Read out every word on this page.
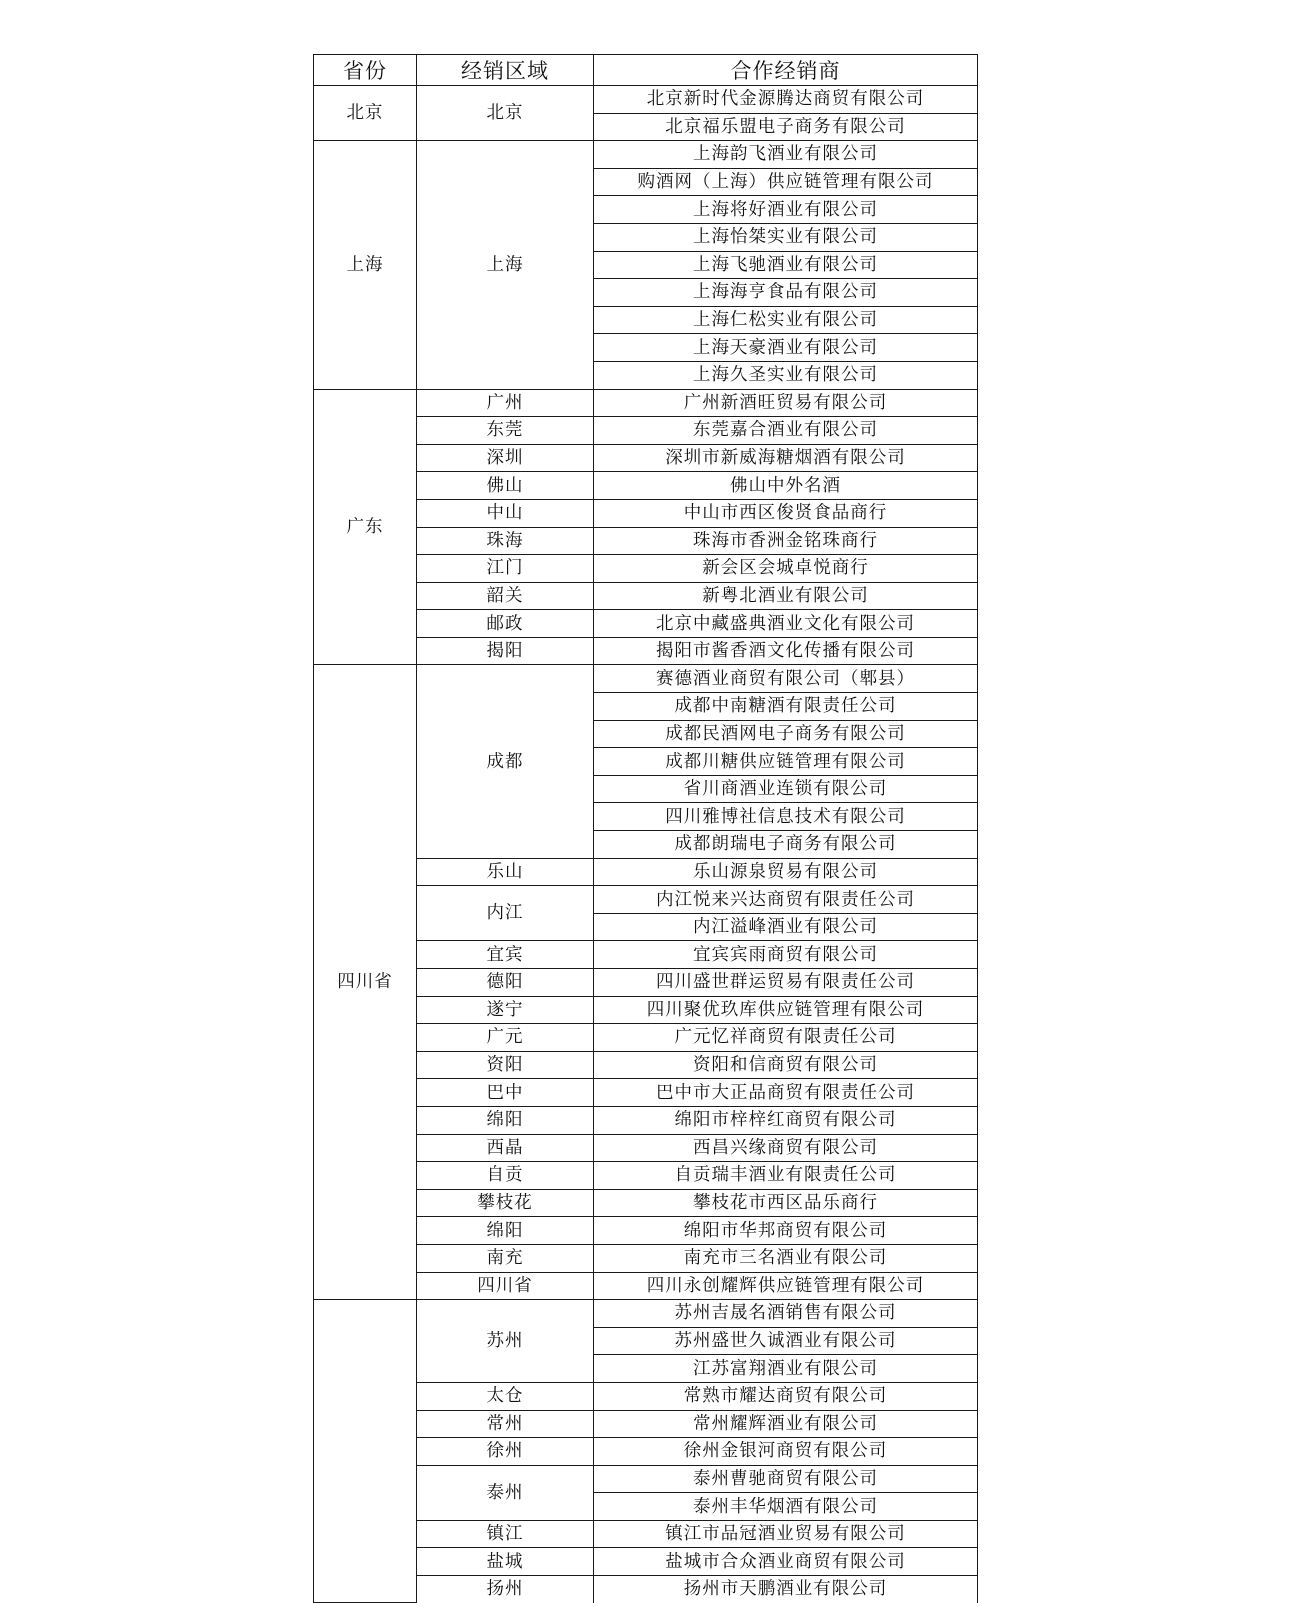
省份	经销区域	合作经销商
北京	北京	北京新时代金源腾达商贸有限公司
		北京福乐盟电子商务有限公司
上海	上海	上海韵飞酒业有限公司
		购酒网（上海）供应链管理有限公司
		上海将好酒业有限公司
		上海怡桀实业有限公司
		上海飞驰酒业有限公司
		上海海亨食品有限公司
		上海仁松实业有限公司
		上海天豪酒业有限公司
		上海久圣实业有限公司
广东	广州	广州新酒旺贸易有限公司
	东莞	东莞嘉合酒业有限公司
	深圳	深圳市新威海糖烟酒有限公司
	佛山	佛山中外名酒
	中山	中山市西区俊贤食品商行
	珠海	珠海市香洲金铭珠商行
	江门	新会区会城卓悦商行
	韶关	新粤北酒业有限公司
	邮政	北京中藏盛典酒业文化有限公司
	揭阳	揭阳市酱香酒文化传播有限公司
四川省	成都	赛德酒业商贸有限公司（郫县）
		成都中南糖酒有限责任公司
		成都民酒网电子商务有限公司
		成都川糖供应链管理有限公司
		省川商酒业连锁有限公司
		四川雅博社信息技术有限公司
		成都朗瑞电子商务有限公司
	乐山	乐山源泉贸易有限公司
	内江	内江悦来兴达商贸有限责任公司
		内江溢峰酒业有限公司
	宜宾	宜宾宾雨商贸有限公司
	德阳	四川盛世群运贸易有限责任公司
	遂宁	四川聚优玖库供应链管理有限公司
	广元	广元忆祥商贸有限责任公司
	资阳	资阳和信商贸有限公司
	巴中	巴中市大正品商贸有限责任公司
	绵阳	绵阳市梓梓红商贸有限公司
	西晶	西昌兴缘商贸有限公司
	自贡	自贡瑞丰酒业有限责任公司
	攀枝花	攀枝花市西区品乐商行
	绵阳	绵阳市华邦商贸有限公司
	南充	南充市三名酒业有限公司
	四川省	四川永创耀辉供应链管理有限公司
	苏州	苏州吉晟名酒销售有限公司
		苏州盛世久诚酒业有限公司
		江苏富翔酒业有限公司
	太仓	常熟市耀达商贸有限公司
	常州	常州耀辉酒业有限公司
	徐州	徐州金银河商贸有限公司
	泰州	泰州曹驰商贸有限公司
		泰州丰华烟酒有限公司
	镇江	镇江市品冠酒业贸易有限公司
	盐城	盐城市合众酒业商贸有限公司
	扬州	扬州市天鹏酒业有限公司
